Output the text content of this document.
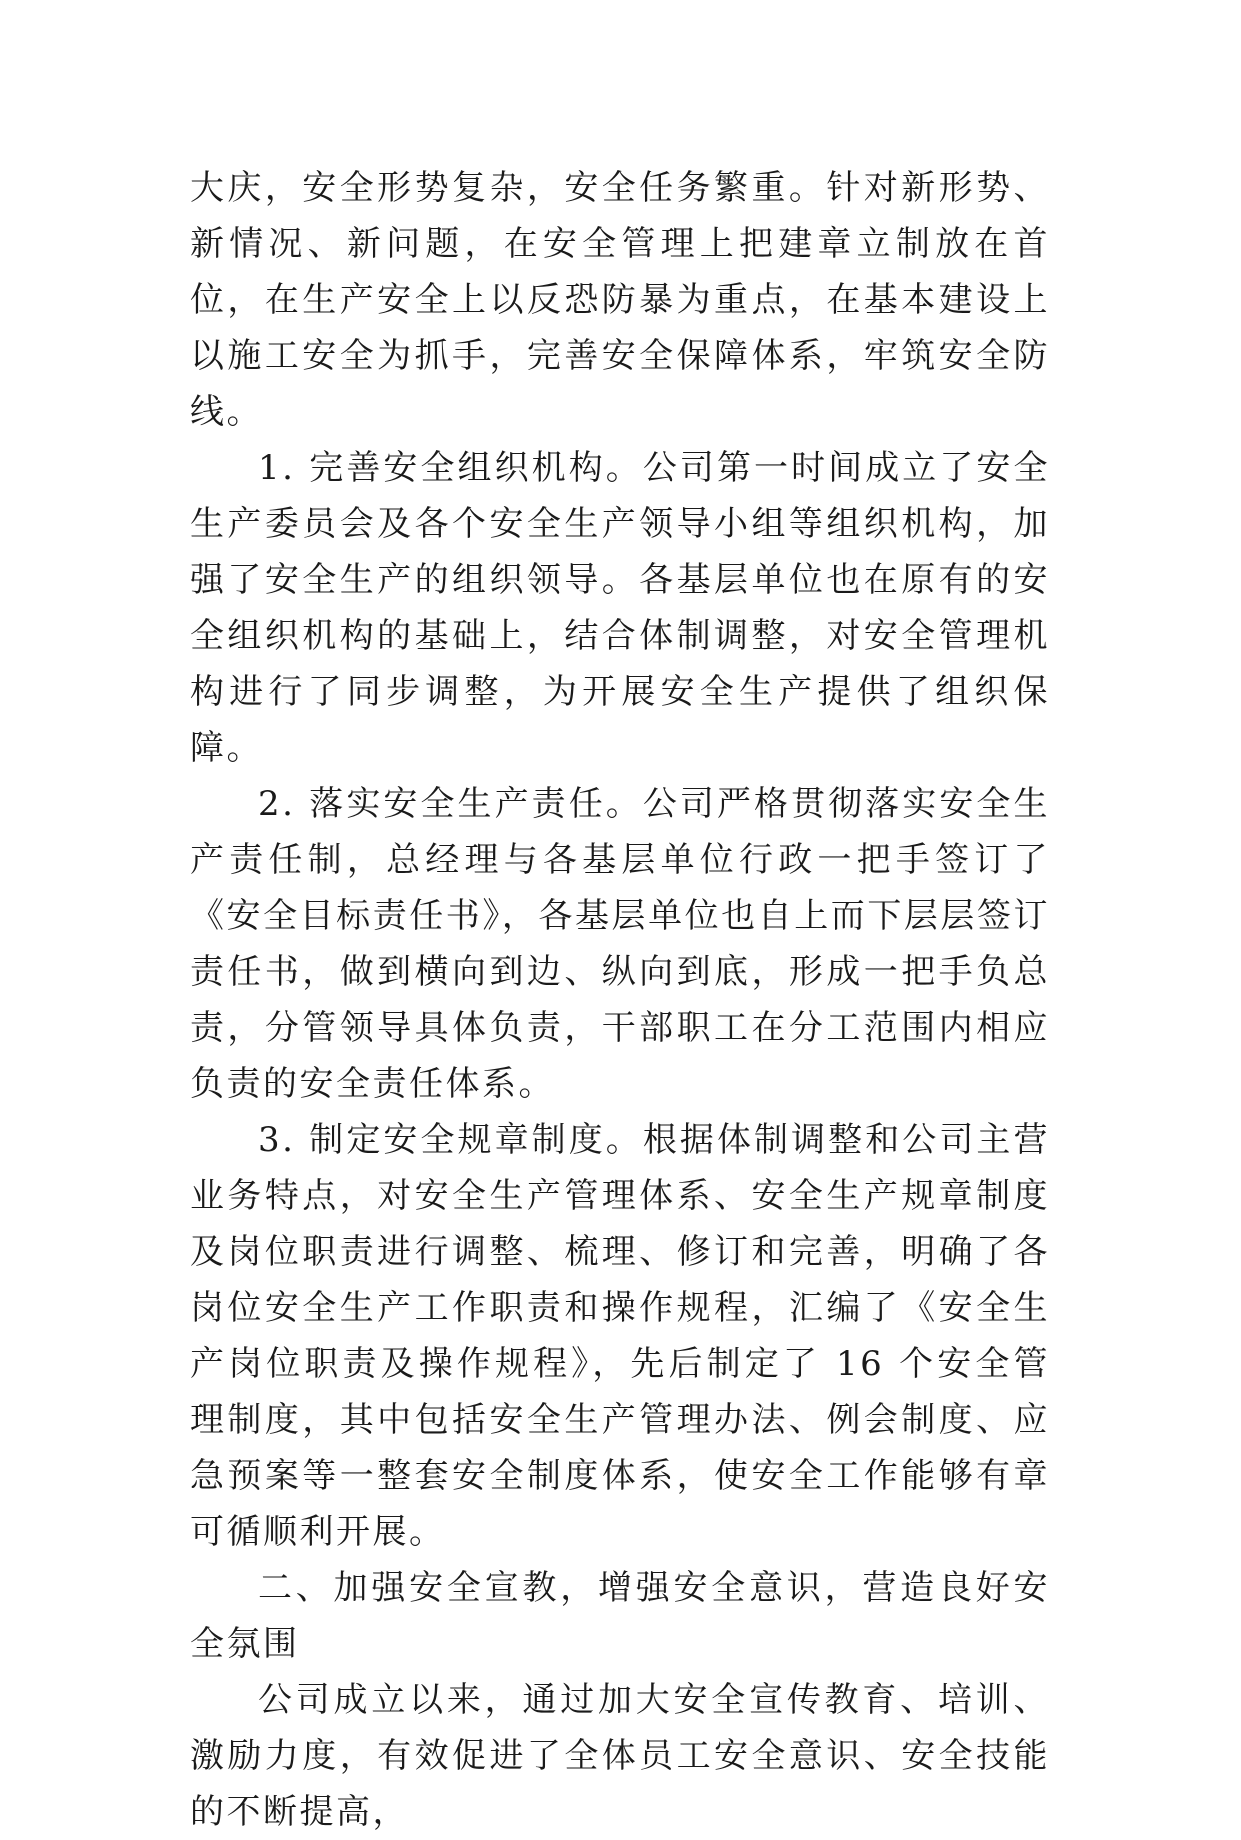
大庆，安全形势复杂，安全任务繁重。针对新形势、新情况、新问题，在安全管理上把建章立制放在首位，在生产安全上以反恐防暴为重点，在基本建设上以施工安全为抓手，完善安全保障体系，牢筑安全防线。

1. 完善安全组织机构。公司第一时间成立了安全生产委员会及各个安全生产领导小组等组织机构，加强了安全生产的组织领导。各基层单位也在原有的安全组织机构的基础上，结合体制调整，对安全管理机构进行了同步调整，为开展安全生产提供了组织保障。

2. 落实安全生产责任。公司严格贯彻落实安全生产责任制，总经理与各基层单位行政一把手签订了《安全目标责任书》，各基层单位也自上而下层层签订责任书，做到横向到边、纵向到底，形成一把手负总责，分管领导具体负责，干部职工在分工范围内相应负责的安全责任体系。

3. 制定安全规章制度。根据体制调整和公司主营业务特点，对安全生产管理体系、安全生产规章制度及岗位职责进行调整、梳理、修订和完善，明确了各岗位安全生产工作职责和操作规程，汇编了《安全生产岗位职责及操作规程》，先后制定了 16 个安全管理制度，其中包括安全生产管理办法、例会制度、应急预案等一整套安全制度体系，使安全工作能够有章可循顺利开展。

二、加强安全宣教，增强安全意识，营造良好安全氛围

公司成立以来，通过加大安全宣传教育、培训、激励力度，有效促进了全体员工安全意识、安全技能的不断提高，
